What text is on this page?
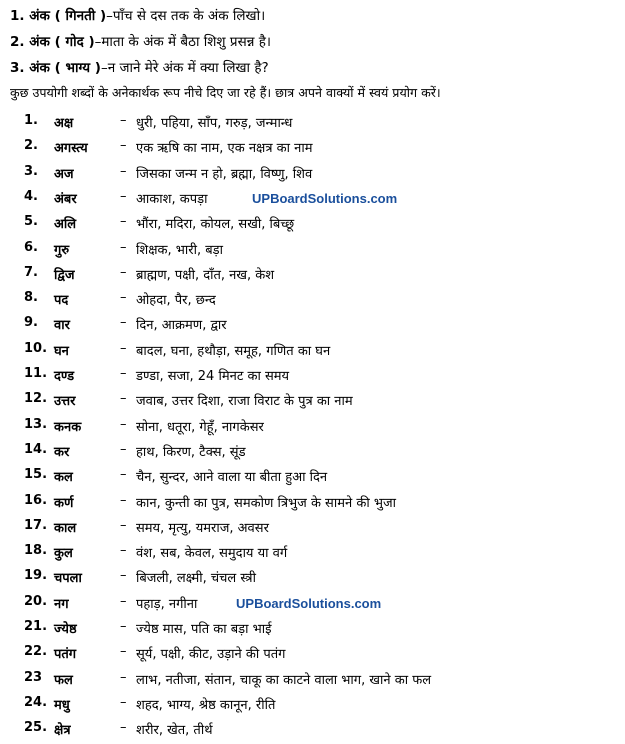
1. अंक ( गिनती )–पाँच से दस तक के अंक लिखो।
2. अंक ( गोद )–माता के अंक में बैठा शिशु प्रसन्न है।
3. अंक ( भाग्य )–न जाने मेरे अंक में क्या लिखा है?
कुछ उपयोगी शब्दों के अनेकार्थक रूप नीचे दिए जा रहे हैं। छात्र अपने वाक्यों में स्वयं प्रयोग करें।
1. अक्ष	– धुरी, पहिया, साँप, गरुड़, जन्मान्ध
2. अगस्त्य – एक ऋषि का नाम, एक नक्षत्र का नाम
3. अज	– जिसका जन्म न हो, ब्रह्मा, विष्णु, शिव
4. अंबर	– आकाश, कपड़ा
5. अलि	– भौंरा, मदिरा, कोयल, सखी, बिच्छू
6. गुरु	– शिक्षक, भारी, बड़ा
7. द्विज	– ब्राह्मण, पक्षी, दाँत, नख, केश
8. पद	– ओहदा, पैर, छन्द
9. वार	– दिन, आक्रमण, द्वार
10. घन	– बादल, घना, हथौड़ा, समूह, गणित का घन
11. दण्ड	– डण्डा, सजा, 24 मिनट का समय
12. उत्तर	– जवाब, उत्तर दिशा, राजा विराट के पुत्र का नाम
13. कनक	– सोना, धतूरा, गेहूँ, नागकेसर
14. कर	– हाथ, किरण, टैक्स, सूंड
15. कल	– चैन, सुन्दर, आने वाला या बीता हुआ दिन
16. कर्ण	– कान, कुन्ती का पुत्र, समकोण त्रिभुज के सामने की भुजा
17. काल	– समय, मृत्यु, यमराज, अवसर
18. कुल	– वंश, सब, केवल, समुदाय या वर्ग
19. चपला	– बिजली, लक्ष्मी, चंचल स्त्री
20. नग	– पहाड़, नगीना
21. ज्येष्ठ	– ज्येष्ठ मास, पति का बड़ा भाई
22. पतंग	– सूर्य, पक्षी, कीट, उड़ाने की पतंग
23 फल	– लाभ, नतीजा, संतान, चाकू का काटने वाला भाग, खाने का फल
24. मधु	– शहद, भाग्य, श्रेष्ठ कानून, रीति
25. क्षेत्र	– शरीर, खेत, तीर्थ
UPBoardSolutions.com
UPBoardSolutions.com
